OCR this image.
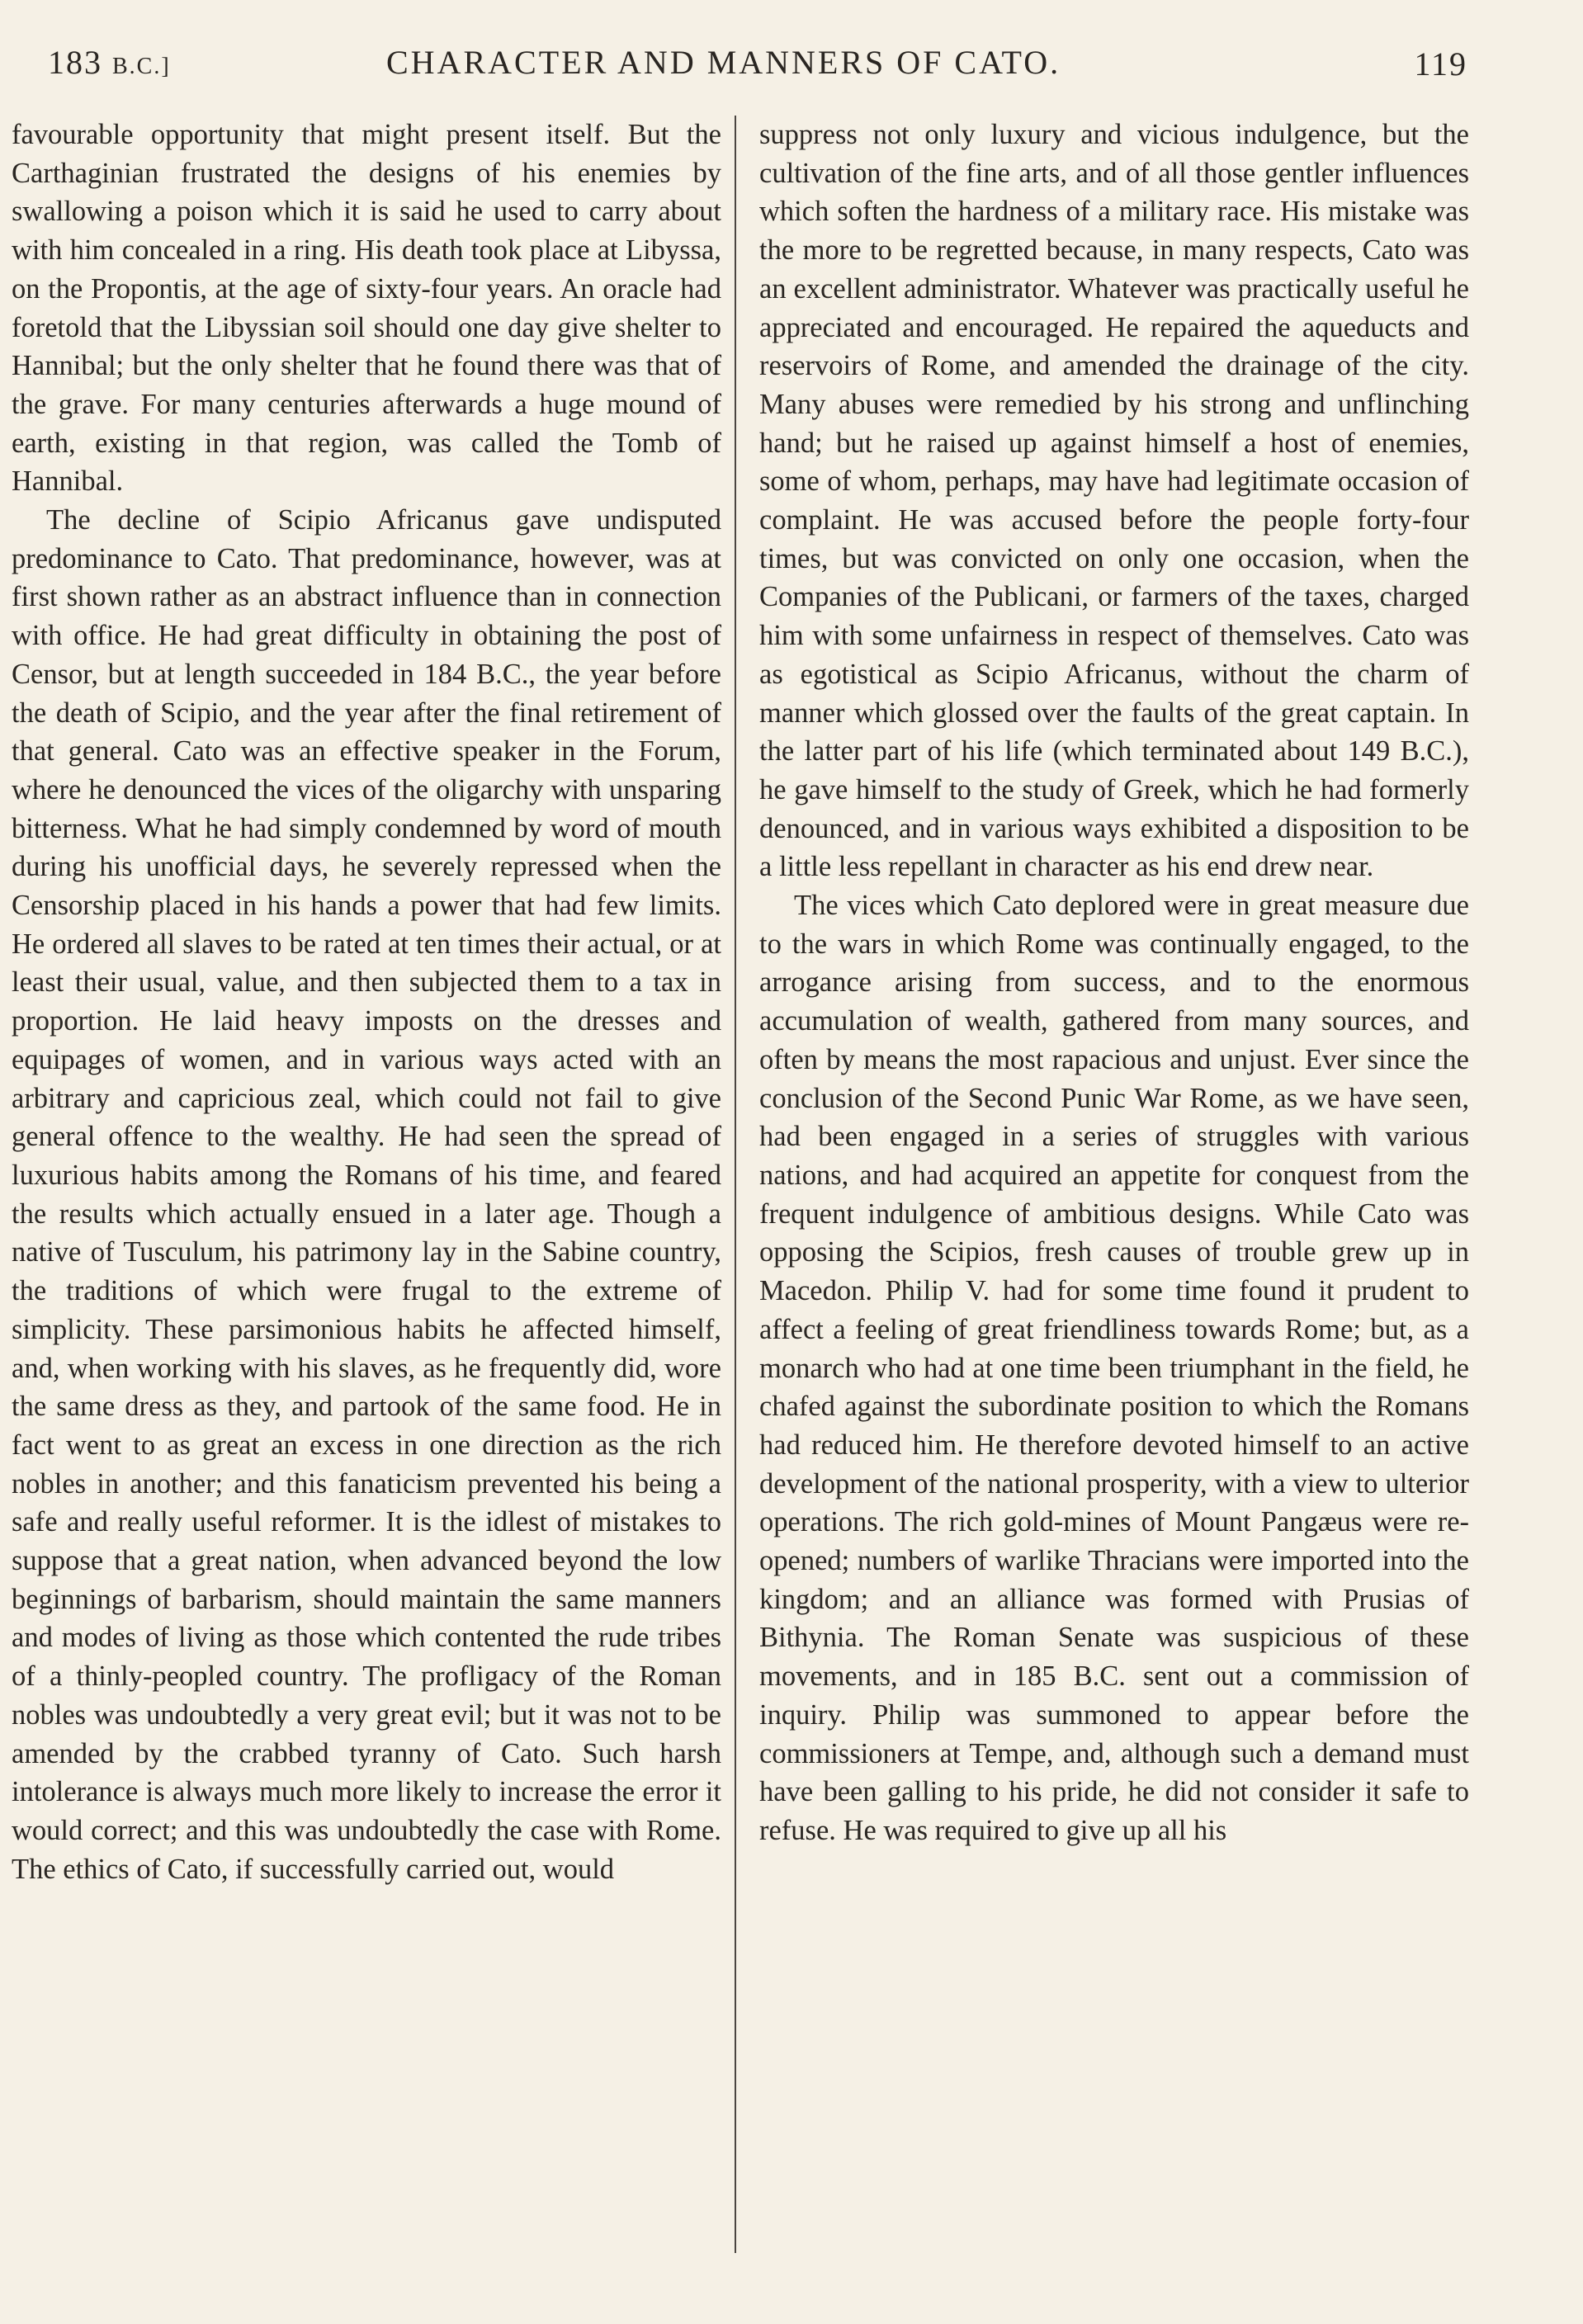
183 B.C.]	CHARACTER AND MANNERS OF CATO.	119

favourable opportunity that might present itself. But the Carthaginian frustrated the designs of his enemies by swallowing a poison which it is said he used to carry about with him concealed in a ring. His death took place at Libyssa, on the Propontis, at the age of sixty-four years. An oracle had foretold that the Libyssian soil should one day give shelter to Hannibal; but the only shelter that he found there was that of the grave. For many centuries afterwards a huge mound of earth, existing in that region, was called the Tomb of Hannibal.

The decline of Scipio Africanus gave undisputed predominance to Cato. That predominance, however, was at first shown rather as an abstract influence than in connection with office. He had great difficulty in obtaining the post of Censor, but at length succeeded in 184 B.C., the year before the death of Scipio, and the year after the final retirement of that general. Cato was an effective speaker in the Forum, where he denounced the vices of the oligarchy with unsparing bitterness. What he had simply condemned by word of mouth during his unofficial days, he severely repressed when the Censorship placed in his hands a power that had few limits. He ordered all slaves to be rated at ten times their actual, or at least their usual, value, and then subjected them to a tax in proportion. He laid heavy imposts on the dresses and equipages of women, and in various ways acted with an arbitrary and capricious zeal, which could not fail to give general offence to the wealthy. He had seen the spread of luxurious habits among the Romans of his time, and feared the results which actually ensued in a later age. Though a native of Tusculum, his patrimony lay in the Sabine country, the traditions of which were frugal to the extreme of simplicity. These parsimonious habits he affected himself, and, when working with his slaves, as he frequently did, wore the same dress as they, and partook of the same food. He in fact went to as great an excess in one direction as the rich nobles in another; and this fanaticism prevented his being a safe and really useful reformer. It is the idlest of mistakes to suppose that a great nation, when advanced beyond the low beginnings of barbarism, should maintain the same manners and modes of living as those which contented the rude tribes of a thinly-peopled country. The profligacy of the Roman nobles was undoubtedly a very great evil; but it was not to be amended by the crabbed tyranny of Cato. Such harsh intolerance is always much more likely to increase the error it would correct; and this was undoubtedly the case with Rome. The ethics of Cato, if successfully carried out, would

suppress not only luxury and vicious indulgence, but the cultivation of the fine arts, and of all those gentler influences which soften the hardness of a military race. His mistake was the more to be regretted because, in many respects, Cato was an excellent administrator. Whatever was practically useful he appreciated and encouraged. He repaired the aqueducts and reservoirs of Rome, and amended the drainage of the city. Many abuses were remedied by his strong and unflinching hand; but he raised up against himself a host of enemies, some of whom, perhaps, may have had legitimate occasion of complaint. He was accused before the people forty-four times, but was convicted on only one occasion, when the Companies of the Publicani, or farmers of the taxes, charged him with some unfairness in respect of themselves. Cato was as egotistical as Scipio Africanus, without the charm of manner which glossed over the faults of the great captain. In the latter part of his life (which terminated about 149 B.C.), he gave himself to the study of Greek, which he had formerly denounced, and in various ways exhibited a disposition to be a little less repellant in character as his end drew near.

The vices which Cato deplored were in great measure due to the wars in which Rome was continually engaged, to the arrogance arising from success, and to the enormous accumulation of wealth, gathered from many sources, and often by means the most rapacious and unjust. Ever since the conclusion of the Second Punic War Rome, as we have seen, had been engaged in a series of struggles with various nations, and had acquired an appetite for conquest from the frequent indulgence of ambitious designs. While Cato was opposing the Scipios, fresh causes of trouble grew up in Macedon. Philip V. had for some time found it prudent to affect a feeling of great friendliness towards Rome; but, as a monarch who had at one time been triumphant in the field, he chafed against the subordinate position to which the Romans had reduced him. He therefore devoted himself to an active development of the national prosperity, with a view to ulterior operations. The rich gold-mines of Mount Pangæus were re-opened; numbers of warlike Thracians were imported into the kingdom; and an alliance was formed with Prusias of Bithynia. The Roman Senate was suspicious of these movements, and in 185 B.C. sent out a commission of inquiry. Philip was summoned to appear before the commissioners at Tempe, and, although such a demand must have been galling to his pride, he did not consider it safe to refuse. He was required to give up all his
